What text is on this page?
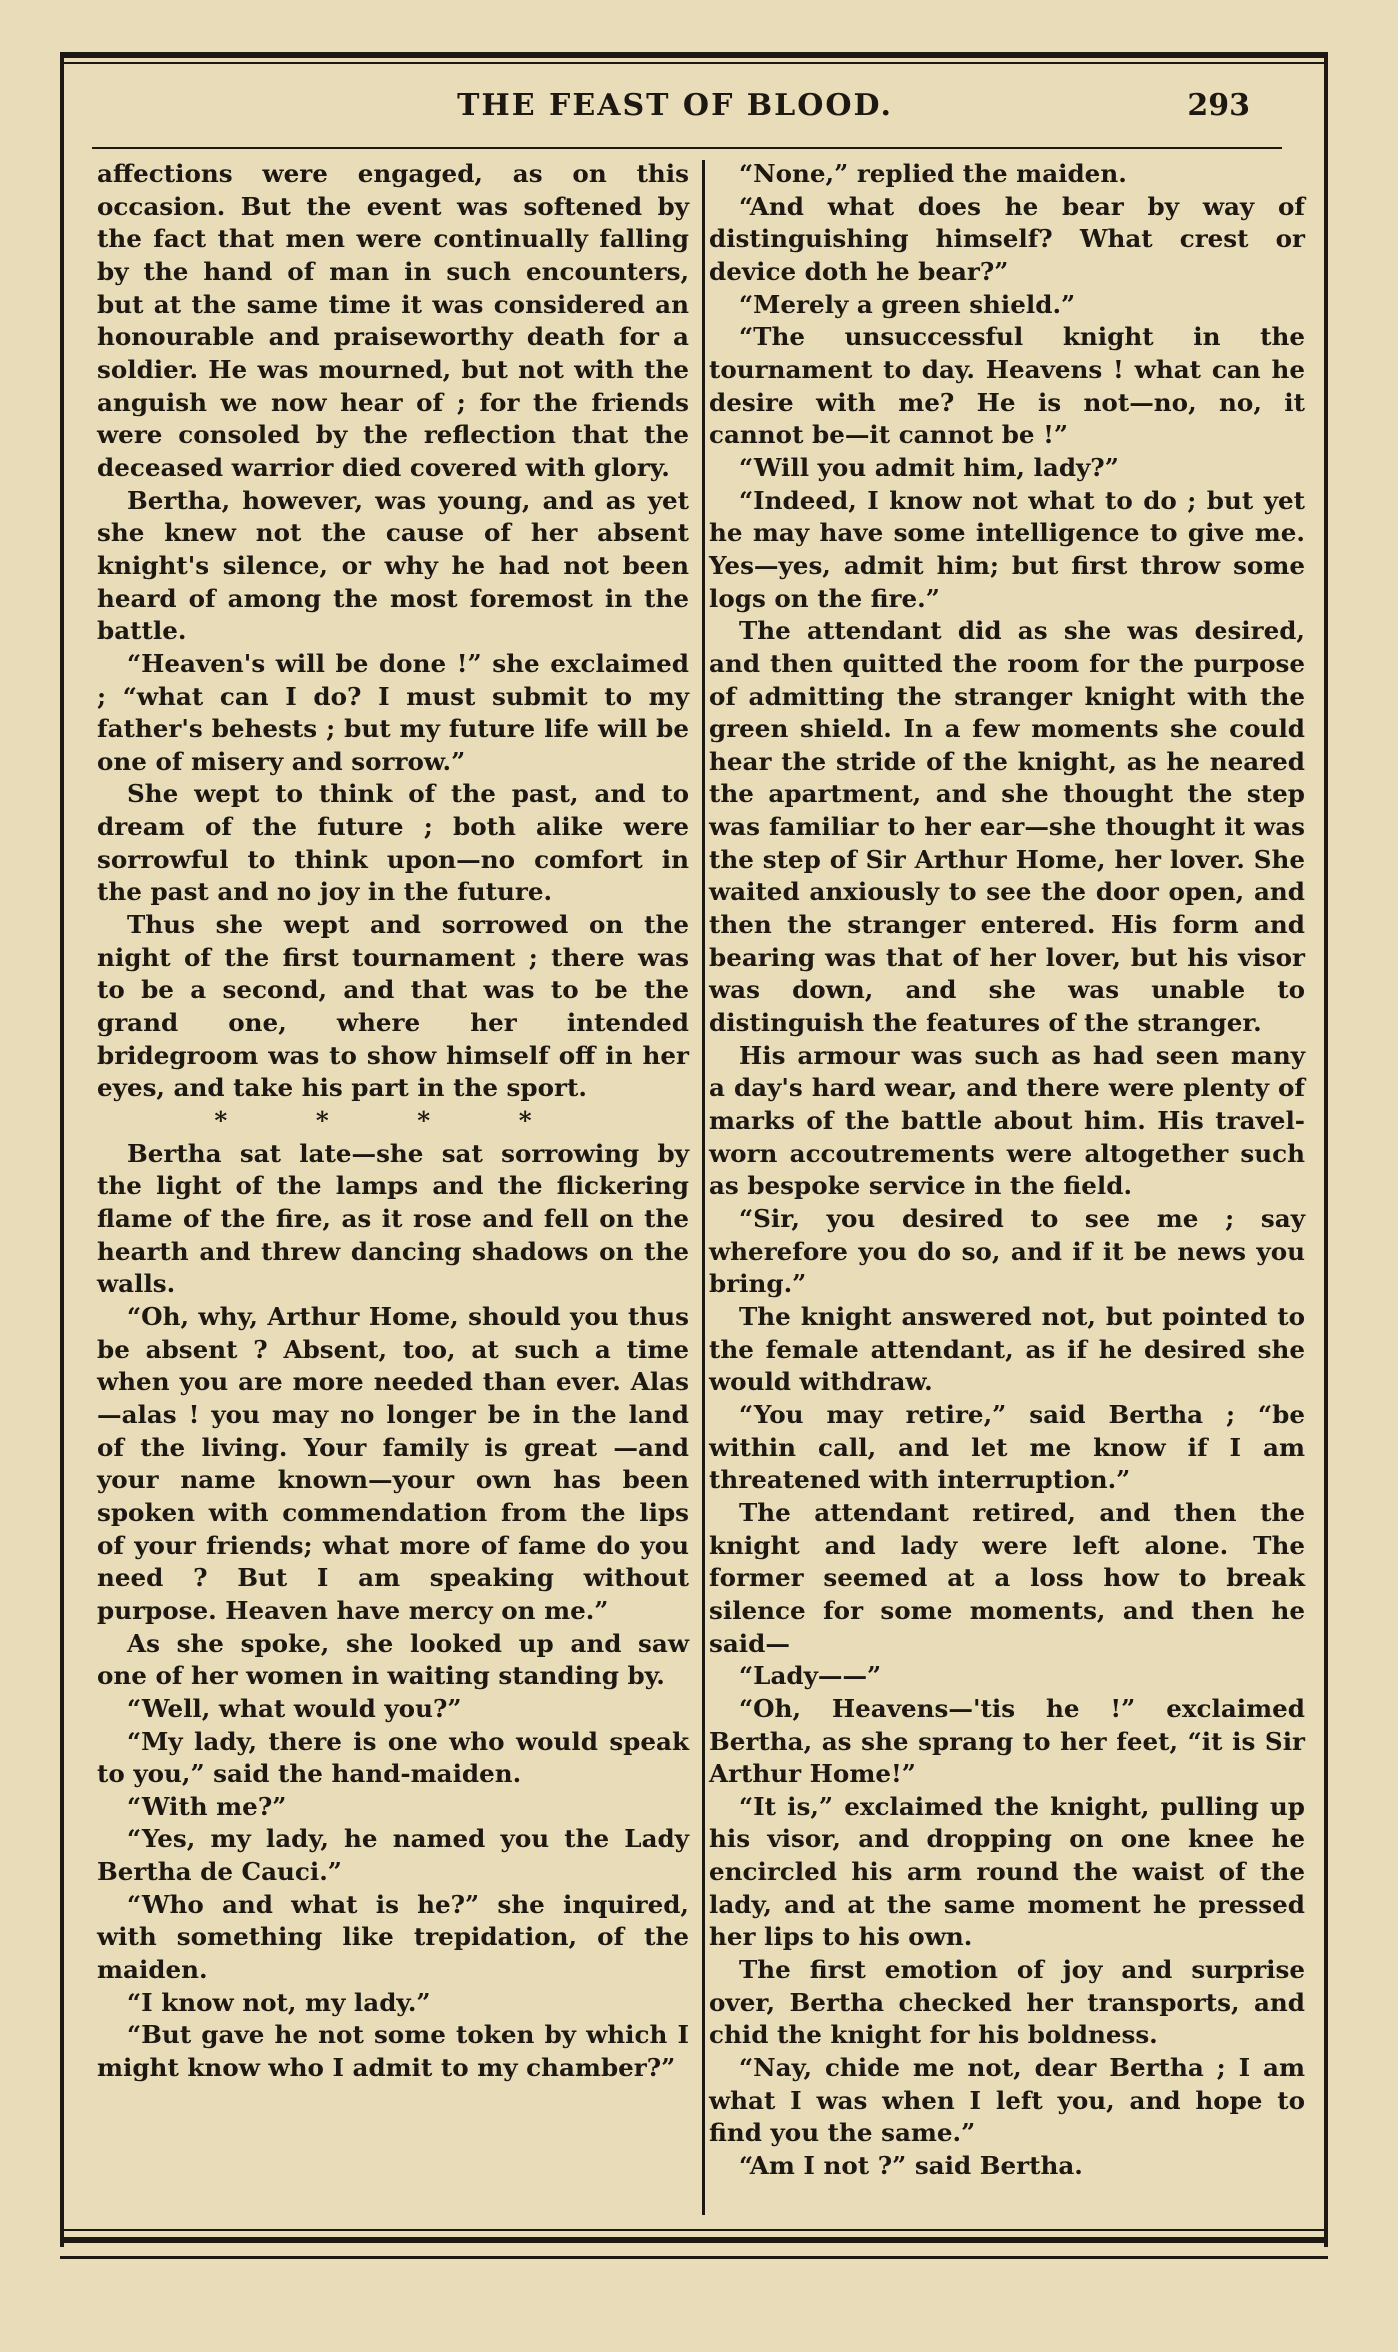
THE FEAST OF BLOOD.	293

affections were engaged, as on this occasion. But the event was softened by the fact that men were continually falling by the hand of man in such encounters, but at the same time it was considered an honourable and praiseworthy death for a soldier. He was mourned, but not with the anguish we now hear of ; for the friends were consoled by the reflection that the deceased warrior died covered with glory.

Bertha, however, was young, and as yet she knew not the cause of her absent knight's silence, or why he had not been heard of among the most foremost in the battle.

“Heaven's will be done !” she exclaimed ; “what can I do? I must submit to my father's behests ; but my future life will be one of misery and sorrow.”

She wept to think of the past, and to dream of the future ; both alike were sorrowful to think upon—no comfort in the past and no joy in the future.

Thus she wept and sorrowed on the night of the first tournament ; there was to be a second, and that was to be the grand one, where her intended bridegroom was to show himself off in her eyes, and take his part in the sport.

* * * *

Bertha sat late—she sat sorrowing by the light of the lamps and the flickering flame of the fire, as it rose and fell on the hearth and threw dancing shadows on the walls.

“Oh, why, Arthur Home, should you thus be absent ? Absent, too, at such a time when you are more needed than ever. Alas—alas ! you may no longer be in the land of the living. Your family is great —and your name known—your own has been spoken with commendation from the lips of your friends; what more of fame do you need ? But I am speaking without purpose. Heaven have mercy on me.”

As she spoke, she looked up and saw one of her women in waiting standing by.

“Well, what would you?”

“My lady, there is one who would speak to you,” said the hand-maiden.

“With me?”

“Yes, my lady, he named you the Lady Bertha de Cauci.”

“Who and what is he?” she inquired, with something like trepidation, of the maiden.

“I know not, my lady.”

“But gave he not some token by which I might know who I admit to my chamber?”

“None,” replied the maiden.

“And what does he bear by way of distinguishing himself? What crest or device doth he bear?”

“Merely a green shield.”

“The unsuccessful knight in the tournament to day. Heavens ! what can he desire with me? He is not—no, no, it cannot be—it cannot be !”

“Will you admit him, lady?”

“Indeed, I know not what to do ; but yet he may have some intelligence to give me. Yes—yes, admit him; but first throw some logs on the fire.”

The attendant did as she was desired, and then quitted the room for the purpose of admitting the stranger knight with the green shield. In a few moments she could hear the stride of the knight, as he neared the apartment, and she thought the step was familiar to her ear—she thought it was the step of Sir Arthur Home, her lover. She waited anxiously to see the door open, and then the stranger entered. His form and bearing was that of her lover, but his visor was down, and she was unable to distinguish the features of the stranger.

His armour was such as had seen many a day's hard wear, and there were plenty of marks of the battle about him. His travel-worn accoutrements were altogether such as bespoke service in the field.

“Sir, you desired to see me ; say wherefore you do so, and if it be news you bring.”

The knight answered not, but pointed to the female attendant, as if he desired she would withdraw.

“You may retire,” said Bertha ; “be within call, and let me know if I am threatened with interruption.”

The attendant retired, and then the knight and lady were left alone. The former seemed at a loss how to break silence for some moments, and then he said—

“Lady——”

“Oh, Heavens—'tis he !” exclaimed Bertha, as she sprang to her feet, “it is Sir Arthur Home!”

“It is,” exclaimed the knight, pulling up his visor, and dropping on one knee he encircled his arm round the waist of the lady, and at the same moment he pressed her lips to his own.

The first emotion of joy and surprise over, Bertha checked her transports, and chid the knight for his boldness.

“Nay, chide me not, dear Bertha ; I am what I was when I left you, and hope to find you the same.”

“Am I not ?” said Bertha.
